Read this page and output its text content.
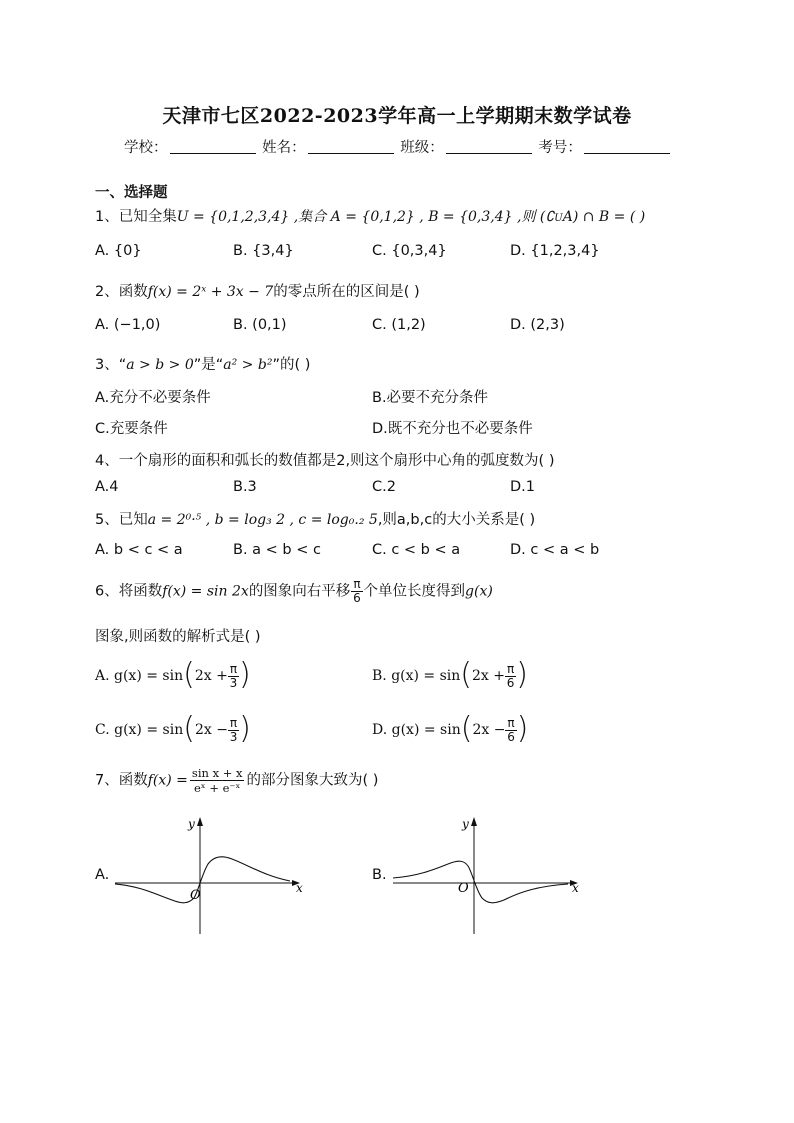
天津市七区2022-2023学年高一上学期期末数学试卷
学校：	姓名：	班级：	考号：
一、选择题
1、已知全集U = {0,1,2,3,4} ,集合 A = {0,1,2} , B = {0,3,4} ,则 (∁UA) ∩ B = ( )
A. {0}	B. {3,4}	C. {0,3,4}	D. {1,2,3,4}
2、函数f(x) = 2ˣ + 3x − 7的零点所在的区间是( )
A. (−1,0)	B. (0,1)	C. (1,2)	D. (2,3)
3、“a > b > 0”是“a² > b²”的( )
A.充分不必要条件	B.必要不充分条件
C.充要条件	D.既不充分也不必要条件
4、一个扇形的面积和弧长的数值都是2,则这个扇形中心角的弧度数为( )
A.4	B.3	C.2	D.1
5、已知a = 2⁰·⁵ , b = log₃ 2 , c = log₀.₂ 5,则a,b,c的大小关系是( )
A. b < c < a	B. a < b < c	C. c < b < a	D. c < a < b
6、将函数f(x) = sin 2x的图象向右平移 $\frac{\pi}{6}$ 个单位长度得到g(x)
图象,则函数的解析式是( )
A. $g(x) = \sin(2x + \frac{\pi}{3}$ )	B. $g(x) = \sin(2x + \frac{\pi}{6}$ )
C. $g(x) = \sin(2x - \frac{\pi}{3}$ )	D. $g(x) = \sin(2x - \frac{\pi}{6}$ )
7、函数$f(x) = \frac{\text{sin x + x}}{\text{eˣ + e⁻ˣ}}$ 的部分图象大致为( )
A.
O	x
y
B.
O	x
y
